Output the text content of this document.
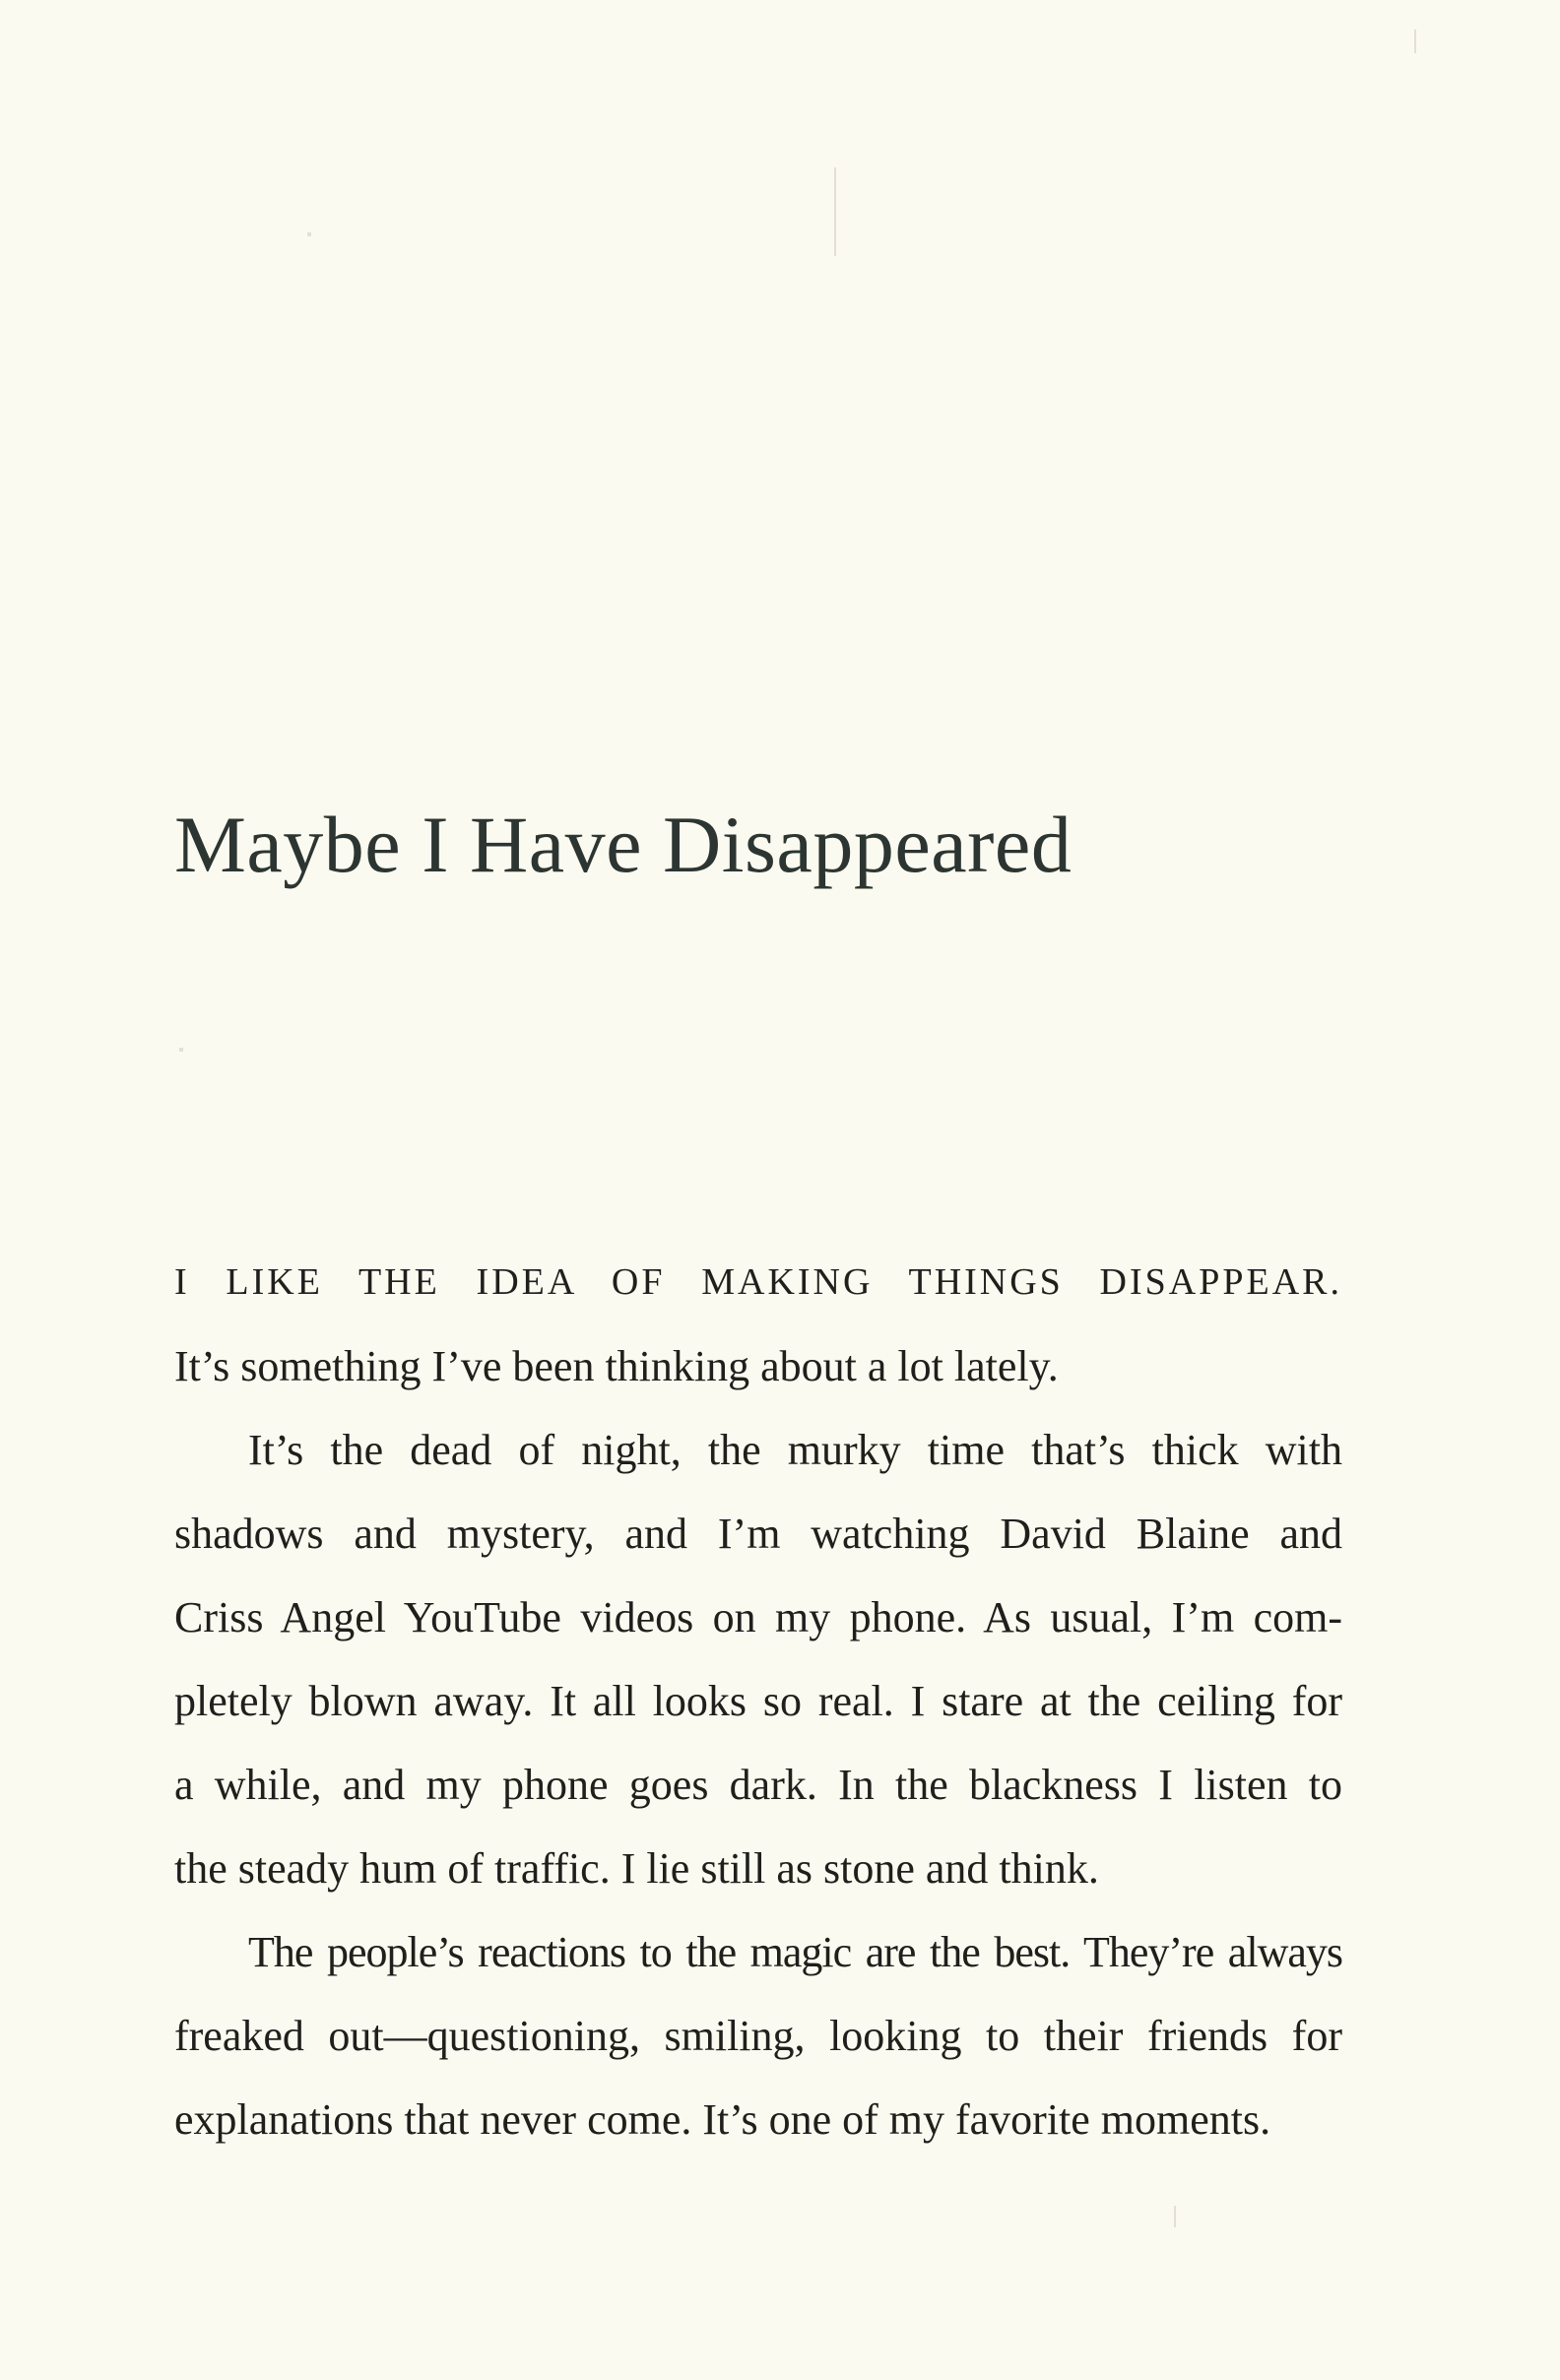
Maybe I Have Disappeared
I LIKE THE IDEA OF MAKING THINGS DISAPPEAR.
It’s something I’ve been thinking about a lot lately.
It’s the dead of night, the murky time that’s thick with
shadows and mystery, and I’m watching David Blaine and
Criss Angel YouTube videos on my phone. As usual, I’m com-
pletely blown away. It all looks so real. I stare at the ceiling for
a while, and my phone goes dark. In the blackness I listen to
the steady hum of traffic. I lie still as stone and think.
The people’s reactions to the magic are the best. They’re always
freaked out—questioning, smiling, looking to their friends for
explanations that never come. It’s one of my favorite moments.
